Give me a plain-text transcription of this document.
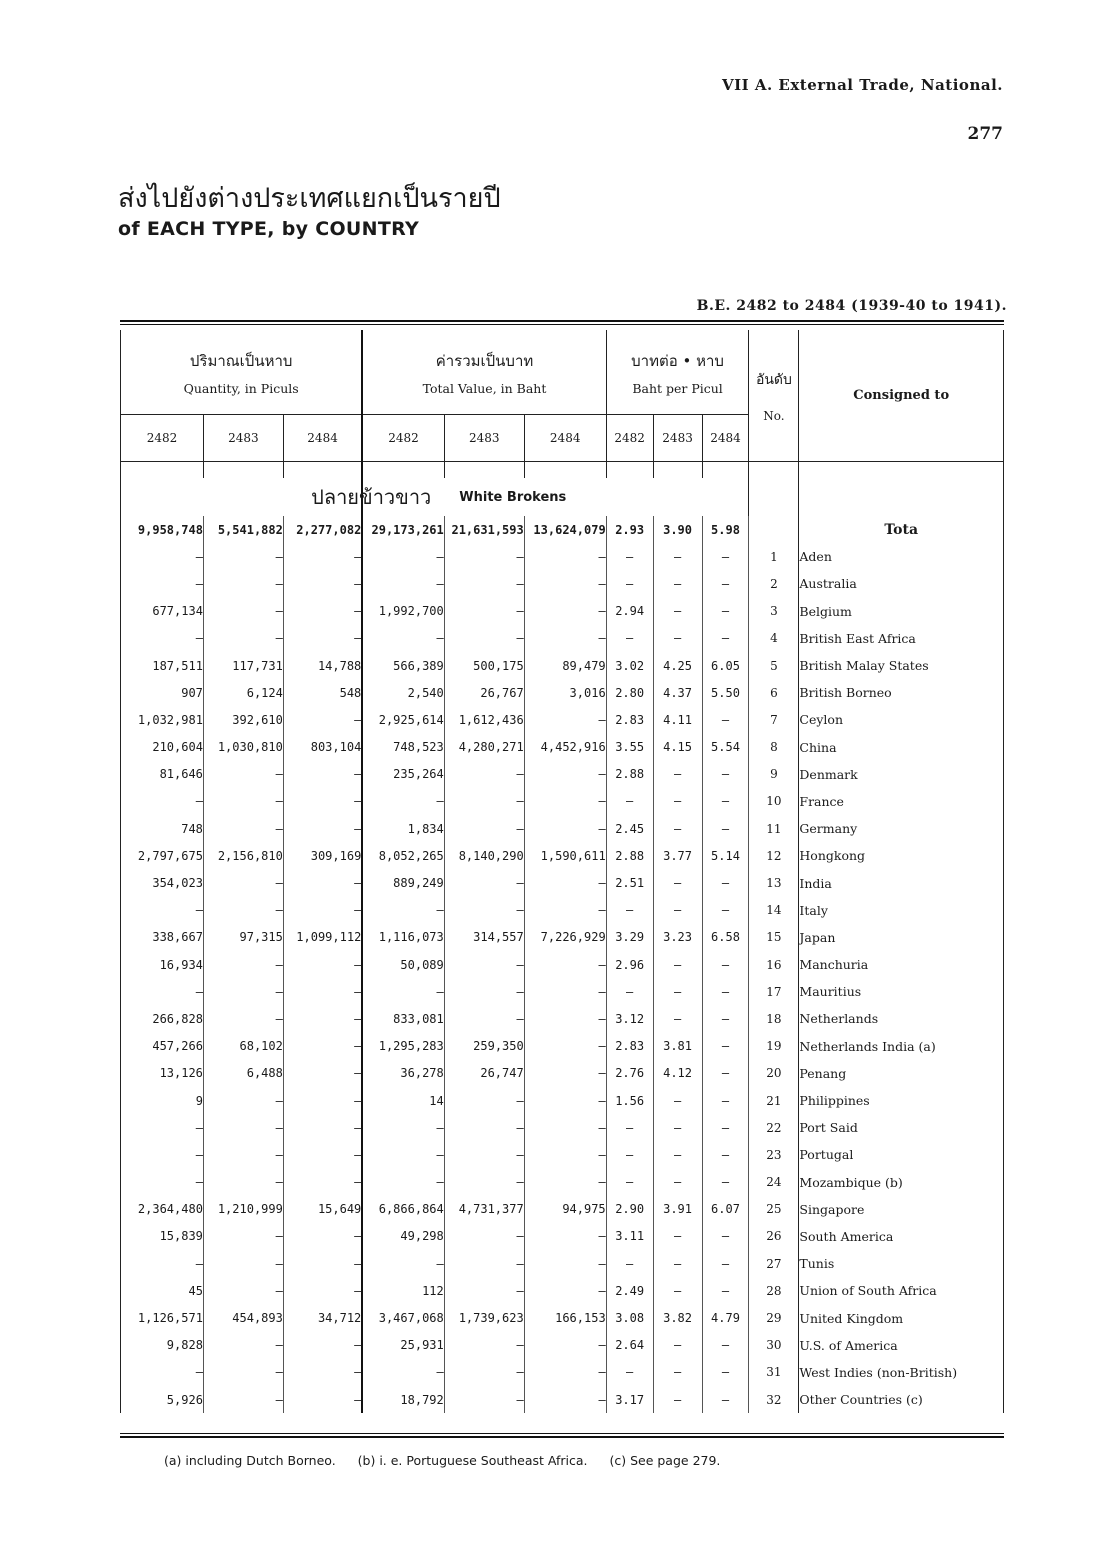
VII A. External Trade, National.
277
ส่งไปยังต่างประเทศแยกเป็นรายปี
of EACH TYPE, by COUNTRY
B.E. 2482 to 2484 (1939-40 to 1941).
ปริมาณเป็นหาบ
Quantity, in Piculs			ค่ารวมเป็นบาท
Total Value, in Baht			บาทต่อ • หาบ
Baht per Picul			อันดับ
No.	Consigned to
2482	2483	2484	2482	2483	2484	2482	2483	2484		

ปลายข้าวขาว			White Brokens							
9,958,748	5,541,882	2,277,082	29,173,261	21,631,593	13,624,079	2.93	3.90	5.98		Tota
—	—	—	—	—	—	—	—	—	1	Aden
—	—	—	—	—	—	—	—	—	2	Australia
677,134	—	—	1,992,700	—	—	2.94	—	—	3	Belgium
—	—	—	—	—	—	—	—	—	4	British East Africa
187,511	117,731	14,788	566,389	500,175	89,479	3.02	4.25	6.05	5	British Malay States
907	6,124	548	2,540	26,767	3,016	2.80	4.37	5.50	6	British Borneo
1,032,981	392,610	—	2,925,614	1,612,436	—	2.83	4.11	—	7	Ceylon
210,604	1,030,810	803,104	748,523	4,280,271	4,452,916	3.55	4.15	5.54	8	China
81,646	—	—	235,264	—	—	2.88	—	—	9	Denmark
—	—	—	—	—	—	—	—	—	10	France
748	—	—	1,834	—	—	2.45	—	—	11	Germany
2,797,675	2,156,810	309,169	8,052,265	8,140,290	1,590,611	2.88	3.77	5.14	12	Hongkong
354,023	—	—	889,249	—	—	2.51	—	—	13	India
—	—	—	—	—	—	—	—	—	14	Italy
338,667	97,315	1,099,112	1,116,073	314,557	7,226,929	3.29	3.23	6.58	15	Japan
16,934	—	—	50,089	—	—	2.96	—	—	16	Manchuria
—	—	—	—	—	—	—	—	—	17	Mauritius
266,828	—	—	833,081	—	—	3.12	—	—	18	Netherlands
457,266	68,102	—	1,295,283	259,350	—	2.83	3.81	—	19	Netherlands India (a)
13,126	6,488	—	36,278	26,747	—	2.76	4.12	—	20	Penang
9	—	—	14	—	—	1.56	—	—	21	Philippines
—	—	—	—	—	—	—	—	—	22	Port Said
—	—	—	—	—	—	—	—	—	23	Portugal
—	—	—	—	—	—	—	—	—	24	Mozambique (b)
2,364,480	1,210,999	15,649	6,866,864	4,731,377	94,975	2.90	3.91	6.07	25	Singapore
15,839	—	—	49,298	—	—	3.11	—	—	26	South America
—	—	—	—	—	—	—	—	—	27	Tunis
45	—	—	112	—	—	2.49	—	—	28	Union of South Africa
1,126,571	454,893	34,712	3,467,068	1,739,623	166,153	3.08	3.82	4.79	29	United Kingdom
9,828	—	—	25,931	—	—	2.64	—	—	30	U.S. of America
—	—	—	—	—	—	—	—	—	31	West Indies (non-British)
5,926	—	—	18,792	—	—	3.17	—	—	32	Other Countries (c)
(a) including Dutch Borneo. (b) i. e. Portuguese Southeast Africa. (c) See page 279.
